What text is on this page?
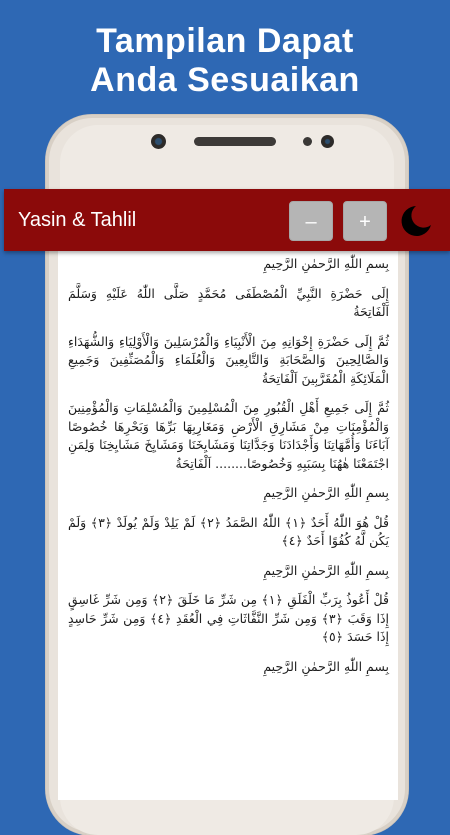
Tampilan Dapat
Anda Sesuaikan

بِسمِ اللّٰهِ الرَّحمٰنِ الرَّحِيمِ

إِلَى حَضْرَةِ النَّبِيِّ الْمُصْطَفَى مُحَمَّدٍ صَلَّى اللّٰهُ عَلَيْهِ وَسَلَّمَ اَلْفَاتِحَةُ

ثُمَّ إِلَى حَضْرَةِ إِخْوَانِهِ مِنَ الْأَنْبِيَاءِ وَالْمُرْسَلِينَ وَالْأَوْلِيَاءِ وَالشُّهَدَاءِ وَالصَّالِحِينَ وَالصَّحَابَةِ وَالتَّابِعِينَ وَالْعُلَمَاءِ وَالْمُصَنِّفِينَ وَجَمِيعِ الْمَلَائِكَةِ الْمُقَرَّبِينَ اَلْفَاتِحَةُ

ثُمَّ إِلَى جَمِيعِ أَهْلِ الْقُبُورِ مِنَ الْمُسْلِمِينَ وَالْمُسْلِمَاتِ وَالْمُؤْمِنِينَ وَالْمُؤْمِنَاتِ مِنْ مَشَارِقِ الْأَرْضِ وَمَغَارِبِهَا بَرِّهَا وَبَحْرِهَا خُصُوصًا آبَاءَنَا وَأُمَّهَاتِنَا وَأَجْدَادَنَا وَجَدَّاتِنَا وَمَشَايِخَنَا وَمَشَايِخَ مَشَايِخِنَا وَلِمَنِ اجْتَمَعْنَا هٰهُنَا بِسَبَبِهِ وَخُصُوصًا........ اَلْفَاتِحَةُ

بِسمِ اللّٰهِ الرَّحمٰنِ الرَّحِيمِ

قُلْ هُوَ اللّٰهُ أَحَدٌ ﴿١﴾ اللّٰهُ الصَّمَدُ ﴿٢﴾ لَمْ يَلِدْ وَلَمْ يُولَدْ ﴿٣﴾ وَلَمْ يَكُن لَّهُ كُفُوًا أَحَدٌ ﴿٤﴾

بِسمِ اللّٰهِ الرَّحمٰنِ الرَّحِيمِ

قُلْ أَعُوذُ بِرَبِّ الْفَلَقِ ﴿١﴾ مِن شَرِّ مَا خَلَقَ ﴿٢﴾ وَمِن شَرِّ غَاسِقٍ إِذَا وَقَبَ ﴿٣﴾ وَمِن شَرِّ النَّفَّاثَاتِ فِي الْعُقَدِ ﴿٤﴾ وَمِن شَرِّ حَاسِدٍ إِذَا حَسَدَ ﴿٥﴾

بِسمِ اللّٰهِ الرَّحمٰنِ الرَّحِيمِ

Yasin & Tahlil	–	+
